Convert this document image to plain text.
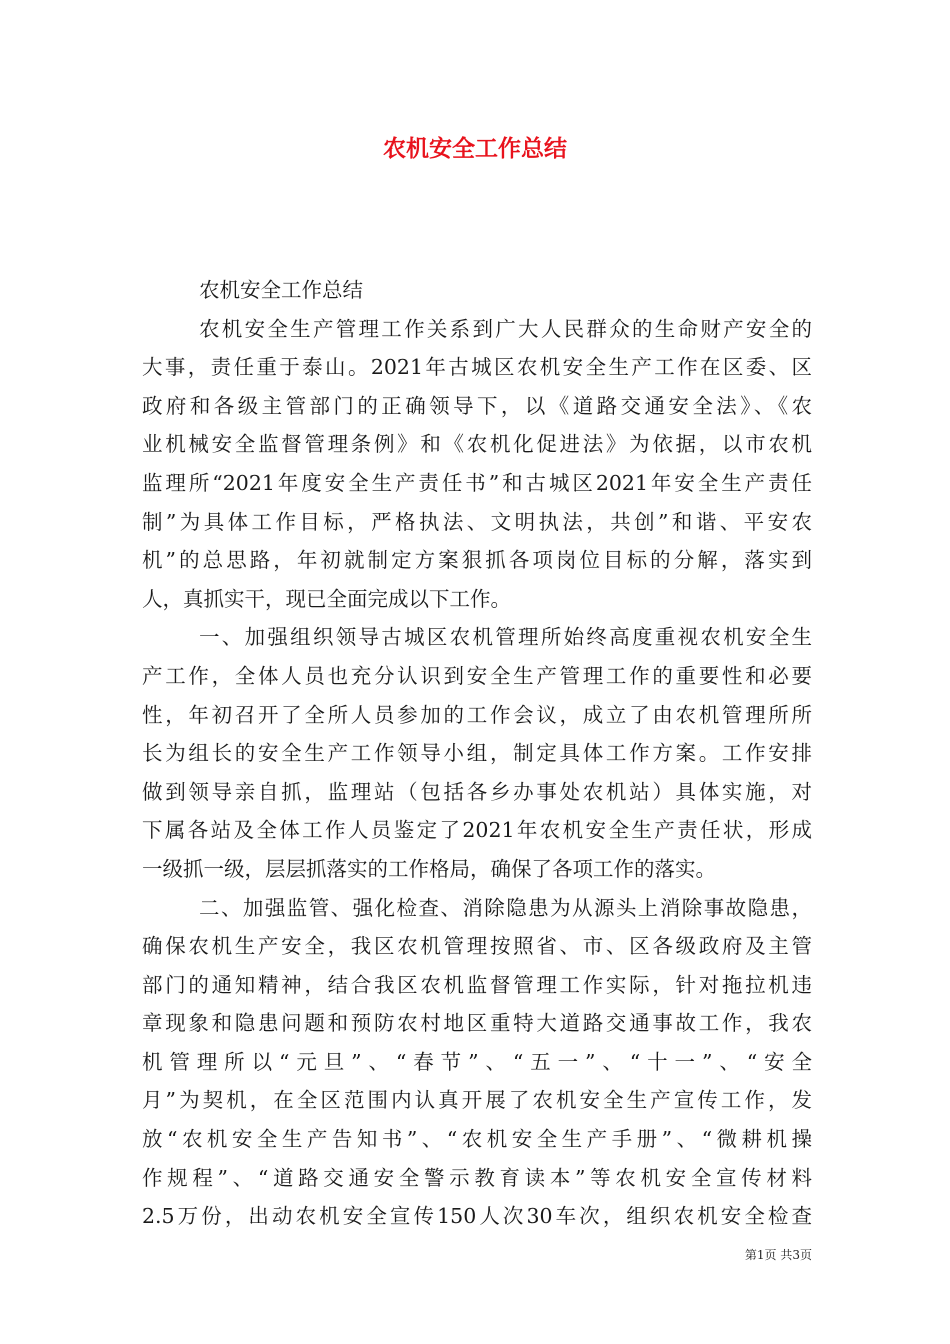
农机安全工作总结
农机安全工作总结
农机安全生产管理工作关系到广大人民群众的生命财产安全的
大事，责任重于泰山。2021年古城区农机安全生产工作在区委、区
政府和各级主管部门的正确领导下，以《道路交通安全法》、《农
业机械安全监督管理条例》和《农机化促进法》为依据，以市农机
监理所“2021年度安全生产责任书”和古城区2021年安全生产责任
制”为具体工作目标，严格执法、文明执法，共创”和谐、平安农
机”的总思路，年初就制定方案狠抓各项岗位目标的分解，落实到
人，真抓实干，现已全面完成以下工作。
一、加强组织领导古城区农机管理所始终高度重视农机安全生
产工作，全体人员也充分认识到安全生产管理工作的重要性和必要
性，年初召开了全所人员参加的工作会议，成立了由农机管理所所
长为组长的安全生产工作领导小组，制定具体工作方案。工作安排
做到领导亲自抓，监理站（包括各乡办事处农机站）具体实施，对
下属各站及全体工作人员鉴定了2021年农机安全生产责任状，形成
一级抓一级，层层抓落实的工作格局，确保了各项工作的落实。
二、加强监管、强化检查、消除隐患为从源头上消除事故隐患，
确保农机生产安全，我区农机管理按照省、市、区各级政府及主管
部门的通知精神，结合我区农机监督管理工作实际，针对拖拉机违
章现象和隐患问题和预防农村地区重特大道路交通事故工作，我农
机管理所以“元旦”、“春节”、“五一”、“十一”、“安全
月”为契机，在全区范围内认真开展了农机安全生产宣传工作，发
放“农机安全生产告知书”、“农机安全生产手册”、“微耕机操
作规程”、“道路交通安全警示教育读本”等农机安全宣传材料
2.5万份，出动农机安全宣传150人次30车次，组织农机安全检查
第1页 共3页
